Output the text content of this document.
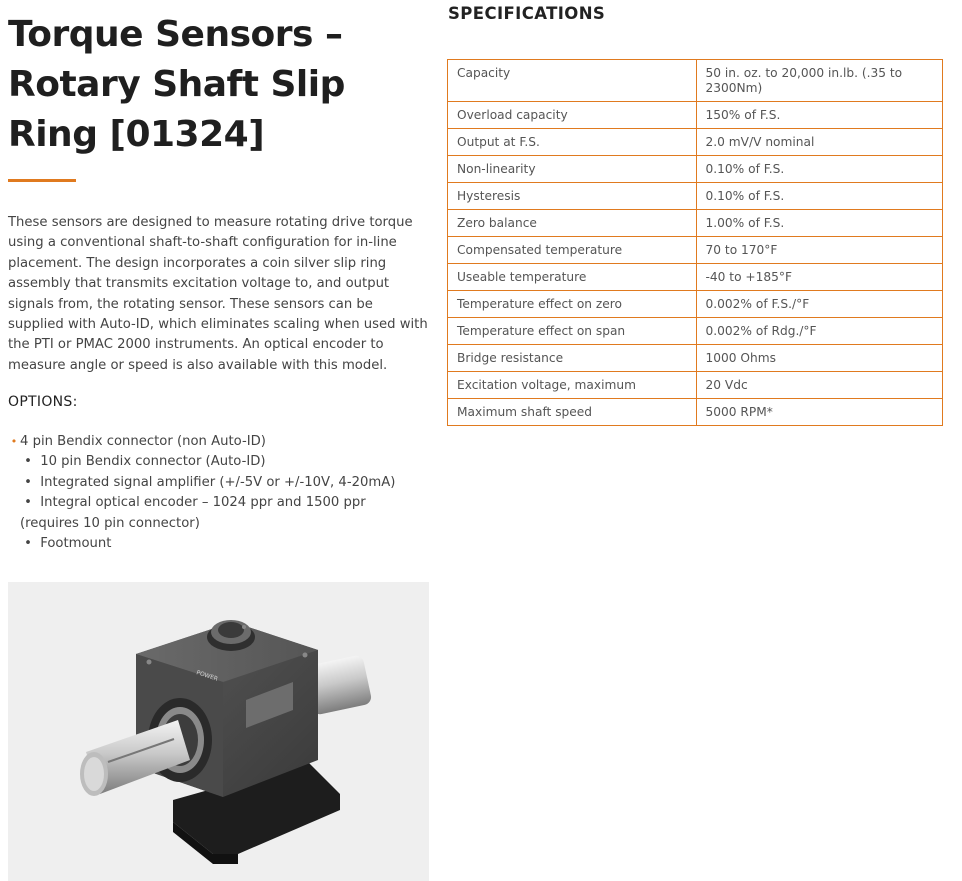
Torque Sensors – Rotary Shaft Slip Ring [01324]

These sensors are designed to measure rotating drive torque using a conventional shaft-to-shaft configuration for in-line placement. The design incorporates a coin silver slip ring assembly that transmits excitation voltage to, and output signals from, the rotating sensor. These sensors can be supplied with Auto-ID, which eliminates scaling when used with the PTI or PMAC 2000 instruments. An optical encoder to measure angle or speed is also available with this model.

OPTIONS:
• 4 pin Bendix connector (non Auto-ID)
• 10 pin Bendix connector (Auto-ID)
• Integrated signal amplifier (+/-5V or +/-10V, 4-20mA)
• Integral optical encoder – 1024 ppr and 1500 ppr
(requires 10 pin connector)
• Footmount
POWER
SPECIFICATIONS
Capacity	50 in. oz. to 20,000 in.lb. (.35 to 2300Nm)
Overload capacity	150% of F.S.
Output at F.S.	2.0 mV/V nominal
Non-linearity	0.10% of F.S.
Hysteresis	0.10% of F.S.
Zero balance	1.00% of F.S.
Compensated temperature	70 to 170°F
Useable temperature	-40 to +185°F
Temperature effect on zero	0.002% of F.S./°F
Temperature effect on span	0.002% of Rdg./°F
Bridge resistance	1000 Ohms
Excitation voltage, maximum	20 Vdc
Maximum shaft speed	5000 RPM*
